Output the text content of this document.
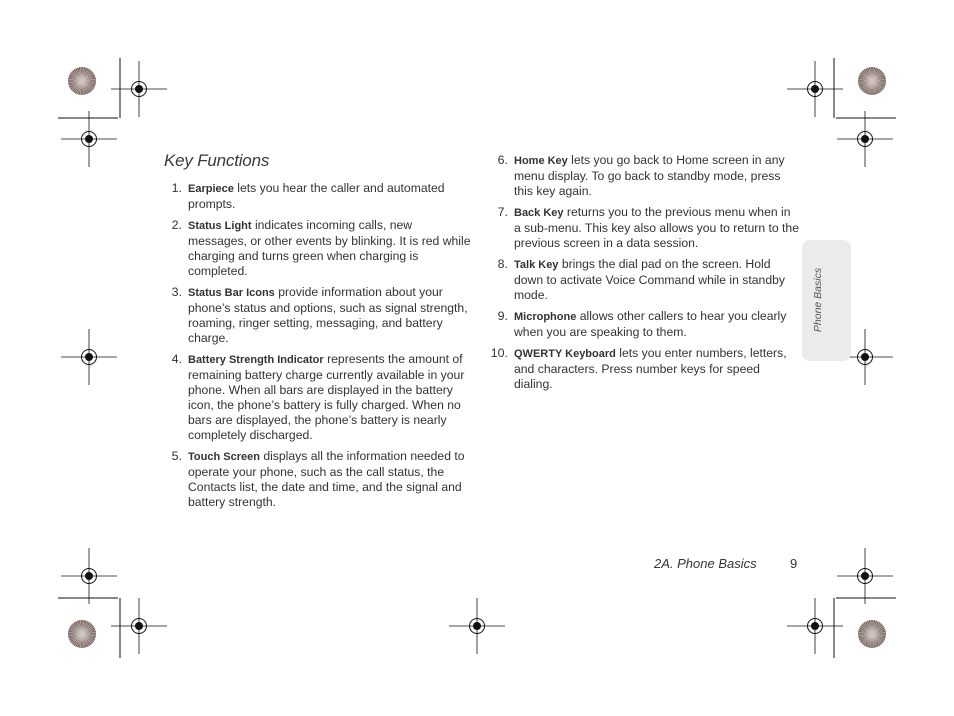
Key Functions
1. Earpiece lets you hear the caller and automated prompts.
2. Status Light indicates incoming calls, new messages, or other events by blinking. It is red while charging and turns green when charging is completed.
3. Status Bar Icons provide information about your phone’s status and options, such as signal strength, roaming, ringer setting, messaging, and battery charge.
4. Battery Strength Indicator represents the amount of remaining battery charge currently available in your phone. When all bars are displayed in the battery icon, the phone’s battery is fully charged. When no bars are displayed, the phone’s battery is nearly completely discharged.
5. Touch Screen displays all the information needed to operate your phone, such as the call status, the Contacts list, the date and time, and the signal and battery strength.
6. Home Key lets you go back to Home screen in any menu display. To go back to standby mode, press this key again.
7. Back Key returns you to the previous menu when in a sub-menu. This key also allows you to return to the previous screen in a data session.
8. Talk Key brings the dial pad on the screen. Hold down to activate Voice Command while in standby mode.
9. Microphone allows other callers to hear you clearly when you are speaking to them.
10. QWERTY Keyboard lets you enter numbers, letters, and characters. Press number keys for speed dialing.
Phone Basics
2A. Phone Basics	9
